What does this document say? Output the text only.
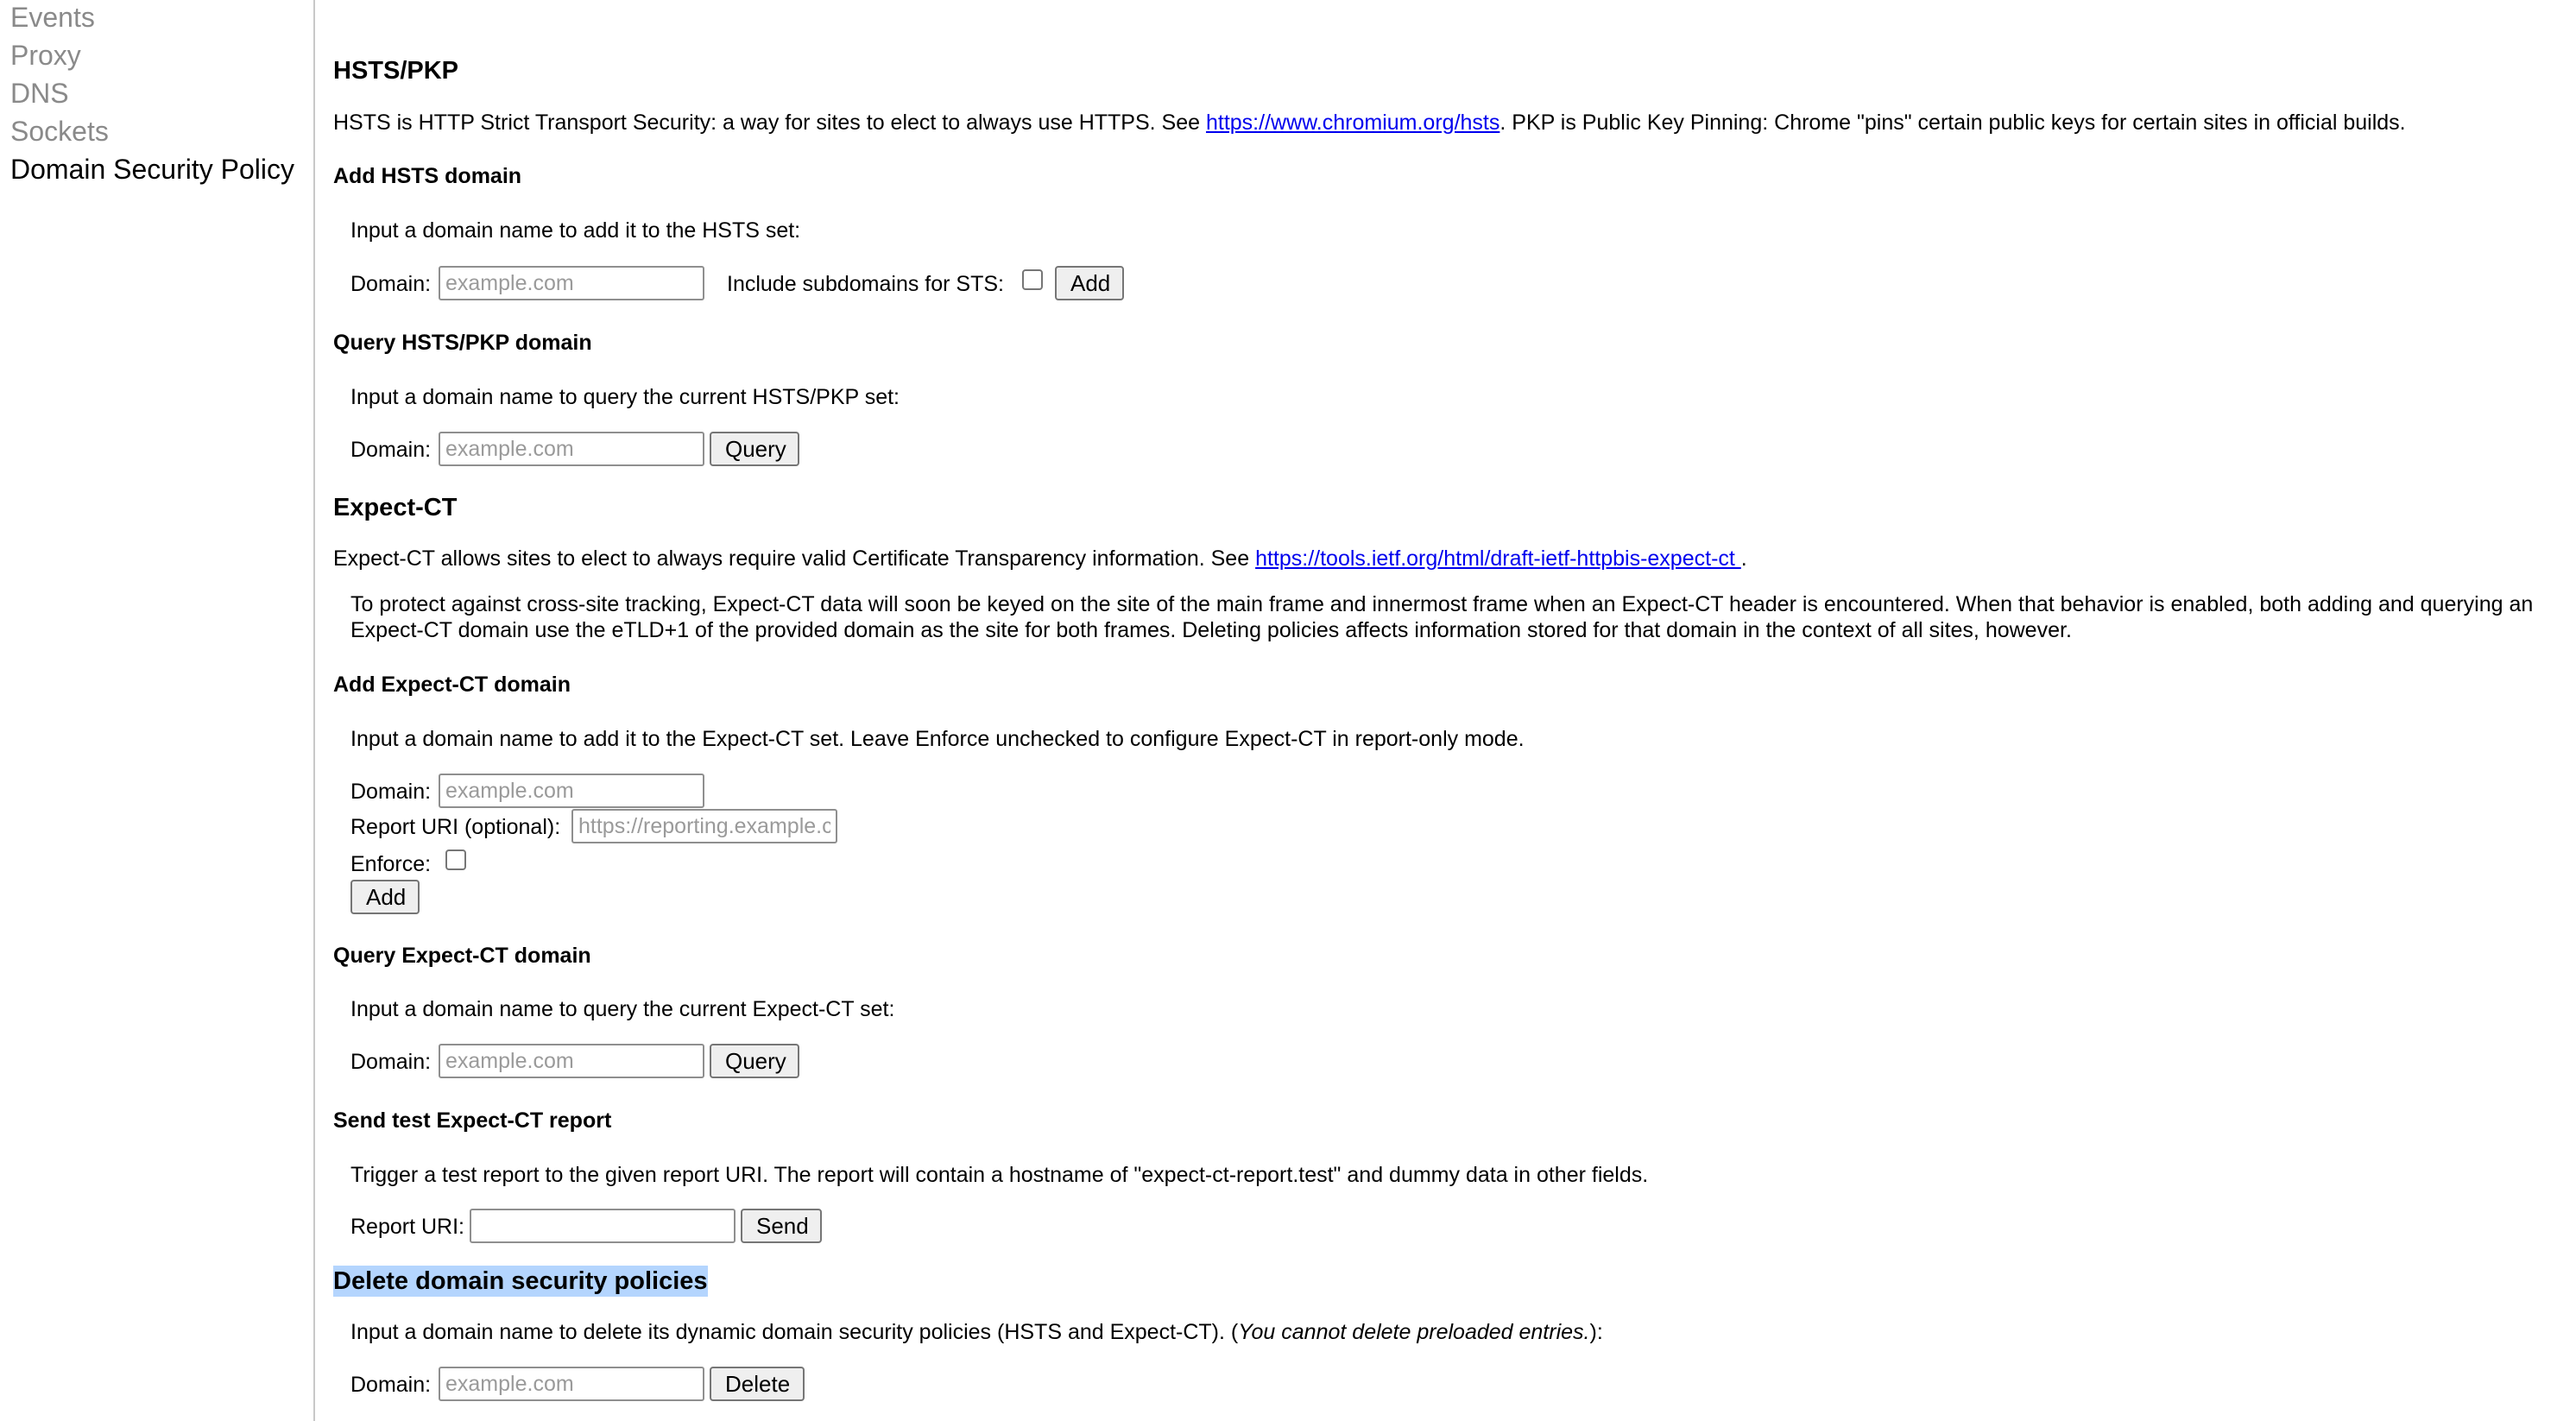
Events
Proxy
DNS
Sockets
Domain Security Policy
HSTS/PKP
HSTS is HTTP Strict Transport Security: a way for sites to elect to always use HTTPS. See https://www.chromium.org/hsts. PKP is Public Key Pinning: Chrome "pins" certain public keys for certain sites in official builds.
Add HSTS domain
Input a domain name to add it to the HSTS set:
Domain:
example.com	Include subdomains for STS:	Add
Query HSTS/PKP domain
Input a domain name to query the current HSTS/PKP set:
Domain:
example.com	Query
Expect-CT
Expect-CT allows sites to elect to always require valid Certificate Transparency information. See https://tools.ietf.org/html/draft-ietf-httpbis-expect-ct .
To protect against cross-site tracking, Expect-CT data will soon be keyed on the site of the main frame and innermost frame when an Expect-CT header is encountered. When that behavior is enabled, both adding and querying an Expect-CT domain use the eTLD+1 of the provided domain as the site for both frames. Deleting policies affects information stored for that domain in the context of all sites, however.
Add Expect-CT domain
Input a domain name to add it to the Expect-CT set. Leave Enforce unchecked to configure Expect-CT in report-only mode.
Domain:
example.com
Report URI (optional):
https://reporting.example.com
Enforce:
Add
Query Expect-CT domain
Input a domain name to query the current Expect-CT set:
Domain:
example.com	Query
Send test Expect-CT report
Trigger a test report to the given report URI. The report will contain a hostname of "expect-ct-report.test" and dummy data in other fields.
Report URI:	Send
Delete domain security policies
Input a domain name to delete its dynamic domain security policies (HSTS and Expect-CT). (You cannot delete preloaded entries.):
Domain:
example.com	Delete
